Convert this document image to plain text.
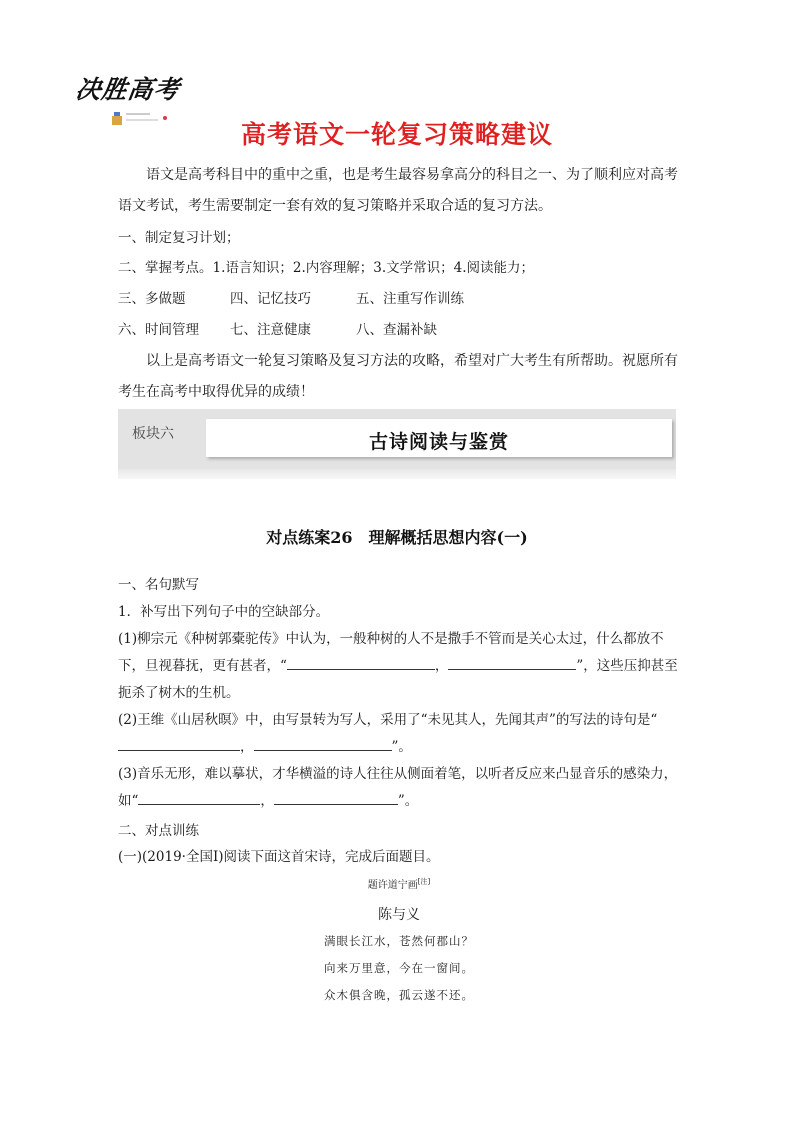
决胜高考
高考语文一轮复习策略建议
语文是高考科目中的重中之重，也是考生最容易拿高分的科目之一、为了顺利应对高考语文考试，考生需要制定一套有效的复习策略并采取合适的复习方法。
一、制定复习计划；
二、掌握考点。1.语言知识；2.内容理解；3.文学常识；4.阅读能力；
三、多做题	四、记忆技巧	五、注重写作训练
六、时间管理 七、注意健康	八、查漏补缺
以上是高考语文一轮复习策略及复习方法的攻略，希望对广大考生有所帮助。祝愿所有考生在高考中取得优异的成绩！
板块六	古诗阅读与鉴赏
对点练案26　理解概括思想内容(一)
一、名句默写
1．补写出下列句子中的空缺部分。
(1)柳宗元《种树郭橐驼传》中认为，一般种树的人不是撒手不管而是关心太过，什么都放不下，旦视暮抚，更有甚者，“	，	”，这些压抑甚至扼杀了树木的生机。
(2)王维《山居秋暝》中，由写景转为写人，采用了“未见其人，先闻其声”的写法的诗句是“，	”。
(3)音乐无形，难以摹状，才华横溢的诗人往往从侧面着笔，以听者反应来凸显音乐的感染力，如“	，	”。
二、对点训练
(一)(2019·全国Ⅰ)阅读下面这首宋诗，完成后面题目。
题许道宁画[注]
陈与义
满眼长江水，苍然何郡山？
向来万里意，今在一窗间。
众木俱含晚，孤云遂不还。
